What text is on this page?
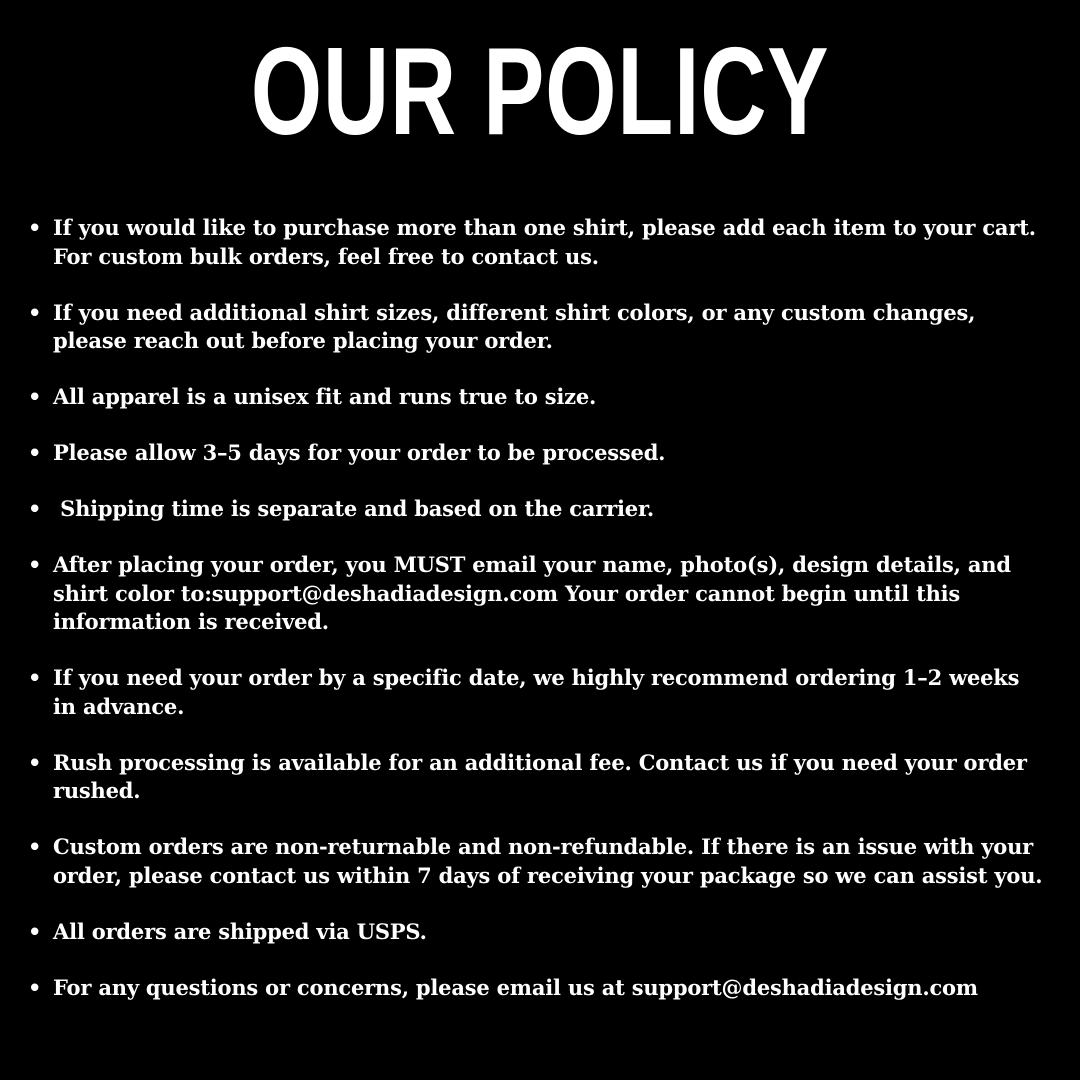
OUR POLICY
• If you would like to purchase more than one shirt, please add each item to your cart. For custom bulk orders, feel free to contact us.
• If you need additional shirt sizes, different shirt colors, or any custom changes, please reach out before placing your order.
• All apparel is a unisex fit and runs true to size.
• Please allow 3–5 days for your order to be processed.
• Shipping time is separate and based on the carrier.
• After placing your order, you MUST email your name, photo(s), design details, and shirt color to:support@deshadiadesign.com Your order cannot begin until this information is received.
• If you need your order by a specific date, we highly recommend ordering 1–2 weeks in advance.
• Rush processing is available for an additional fee. Contact us if you need your order rushed.
• Custom orders are non-returnable and non-refundable. If there is an issue with your order, please contact us within 7 days of receiving your package so we can assist you.
• All orders are shipped via USPS.
• For any questions or concerns, please email us at support@deshadiadesign.com
